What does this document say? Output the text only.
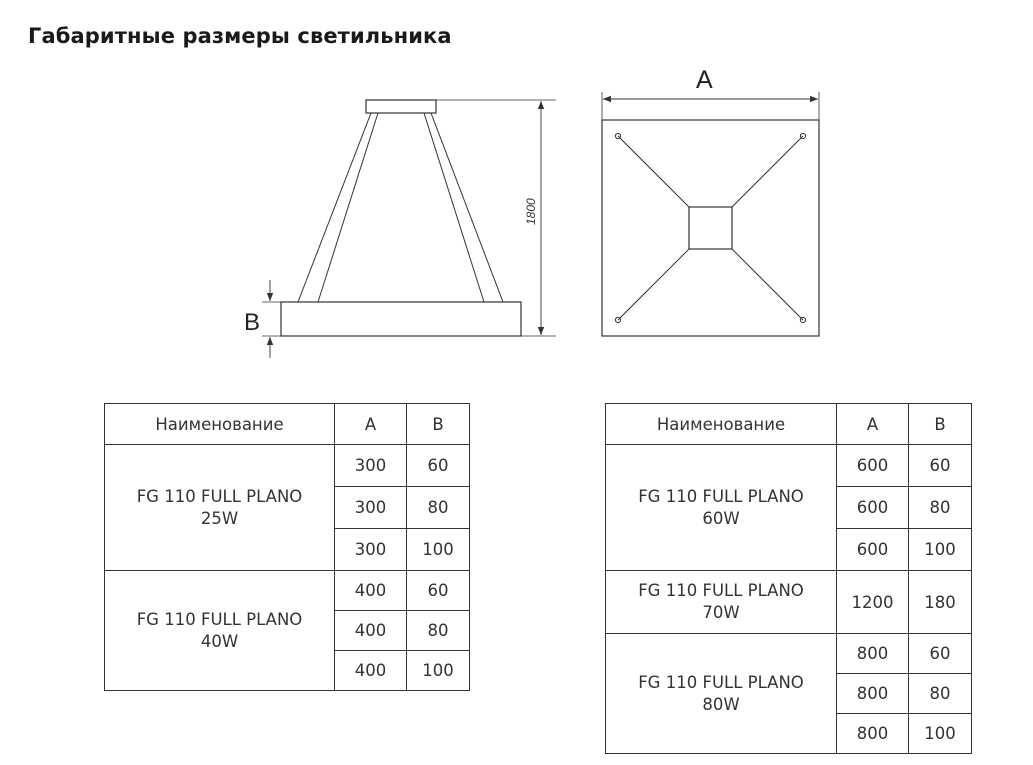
Габаритные размеры светильника
B
1800
A
Наименование	A	B
FG 110 FULL PLANO
25W	300	60
	300	80
	300	100
FG 110 FULL PLANO
40W	400	60
	400	80
	400	100
Наименование	A	B
FG 110 FULL PLANO
60W	600	60
	600	80
	600	100
FG 110 FULL PLANO
70W	1200	180
FG 110 FULL PLANO
80W	800	60
	800	80
	800	100
